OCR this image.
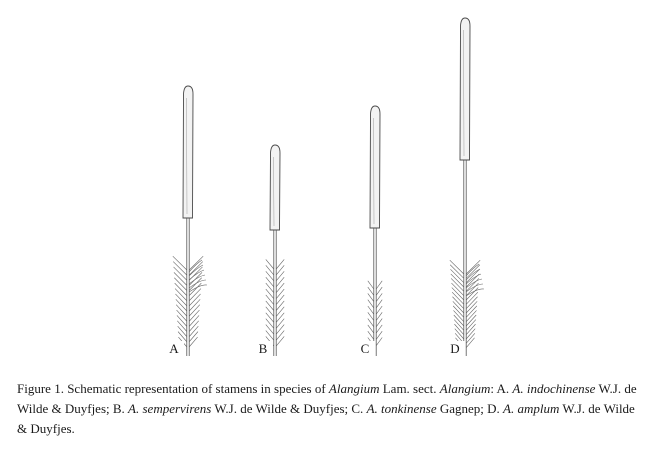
A	B	C	D

Figure 1. Schematic representation of stamens in species of Alangium Lam. sect. Alangium: A. A. indochinense W.J. de Wilde & Duyfjes; B. A. sempervirens W.J. de Wilde & Duyfjes; C. A. tonkinense Gagnep; D. A. amplum W.J. de Wilde & Duyfjes.
